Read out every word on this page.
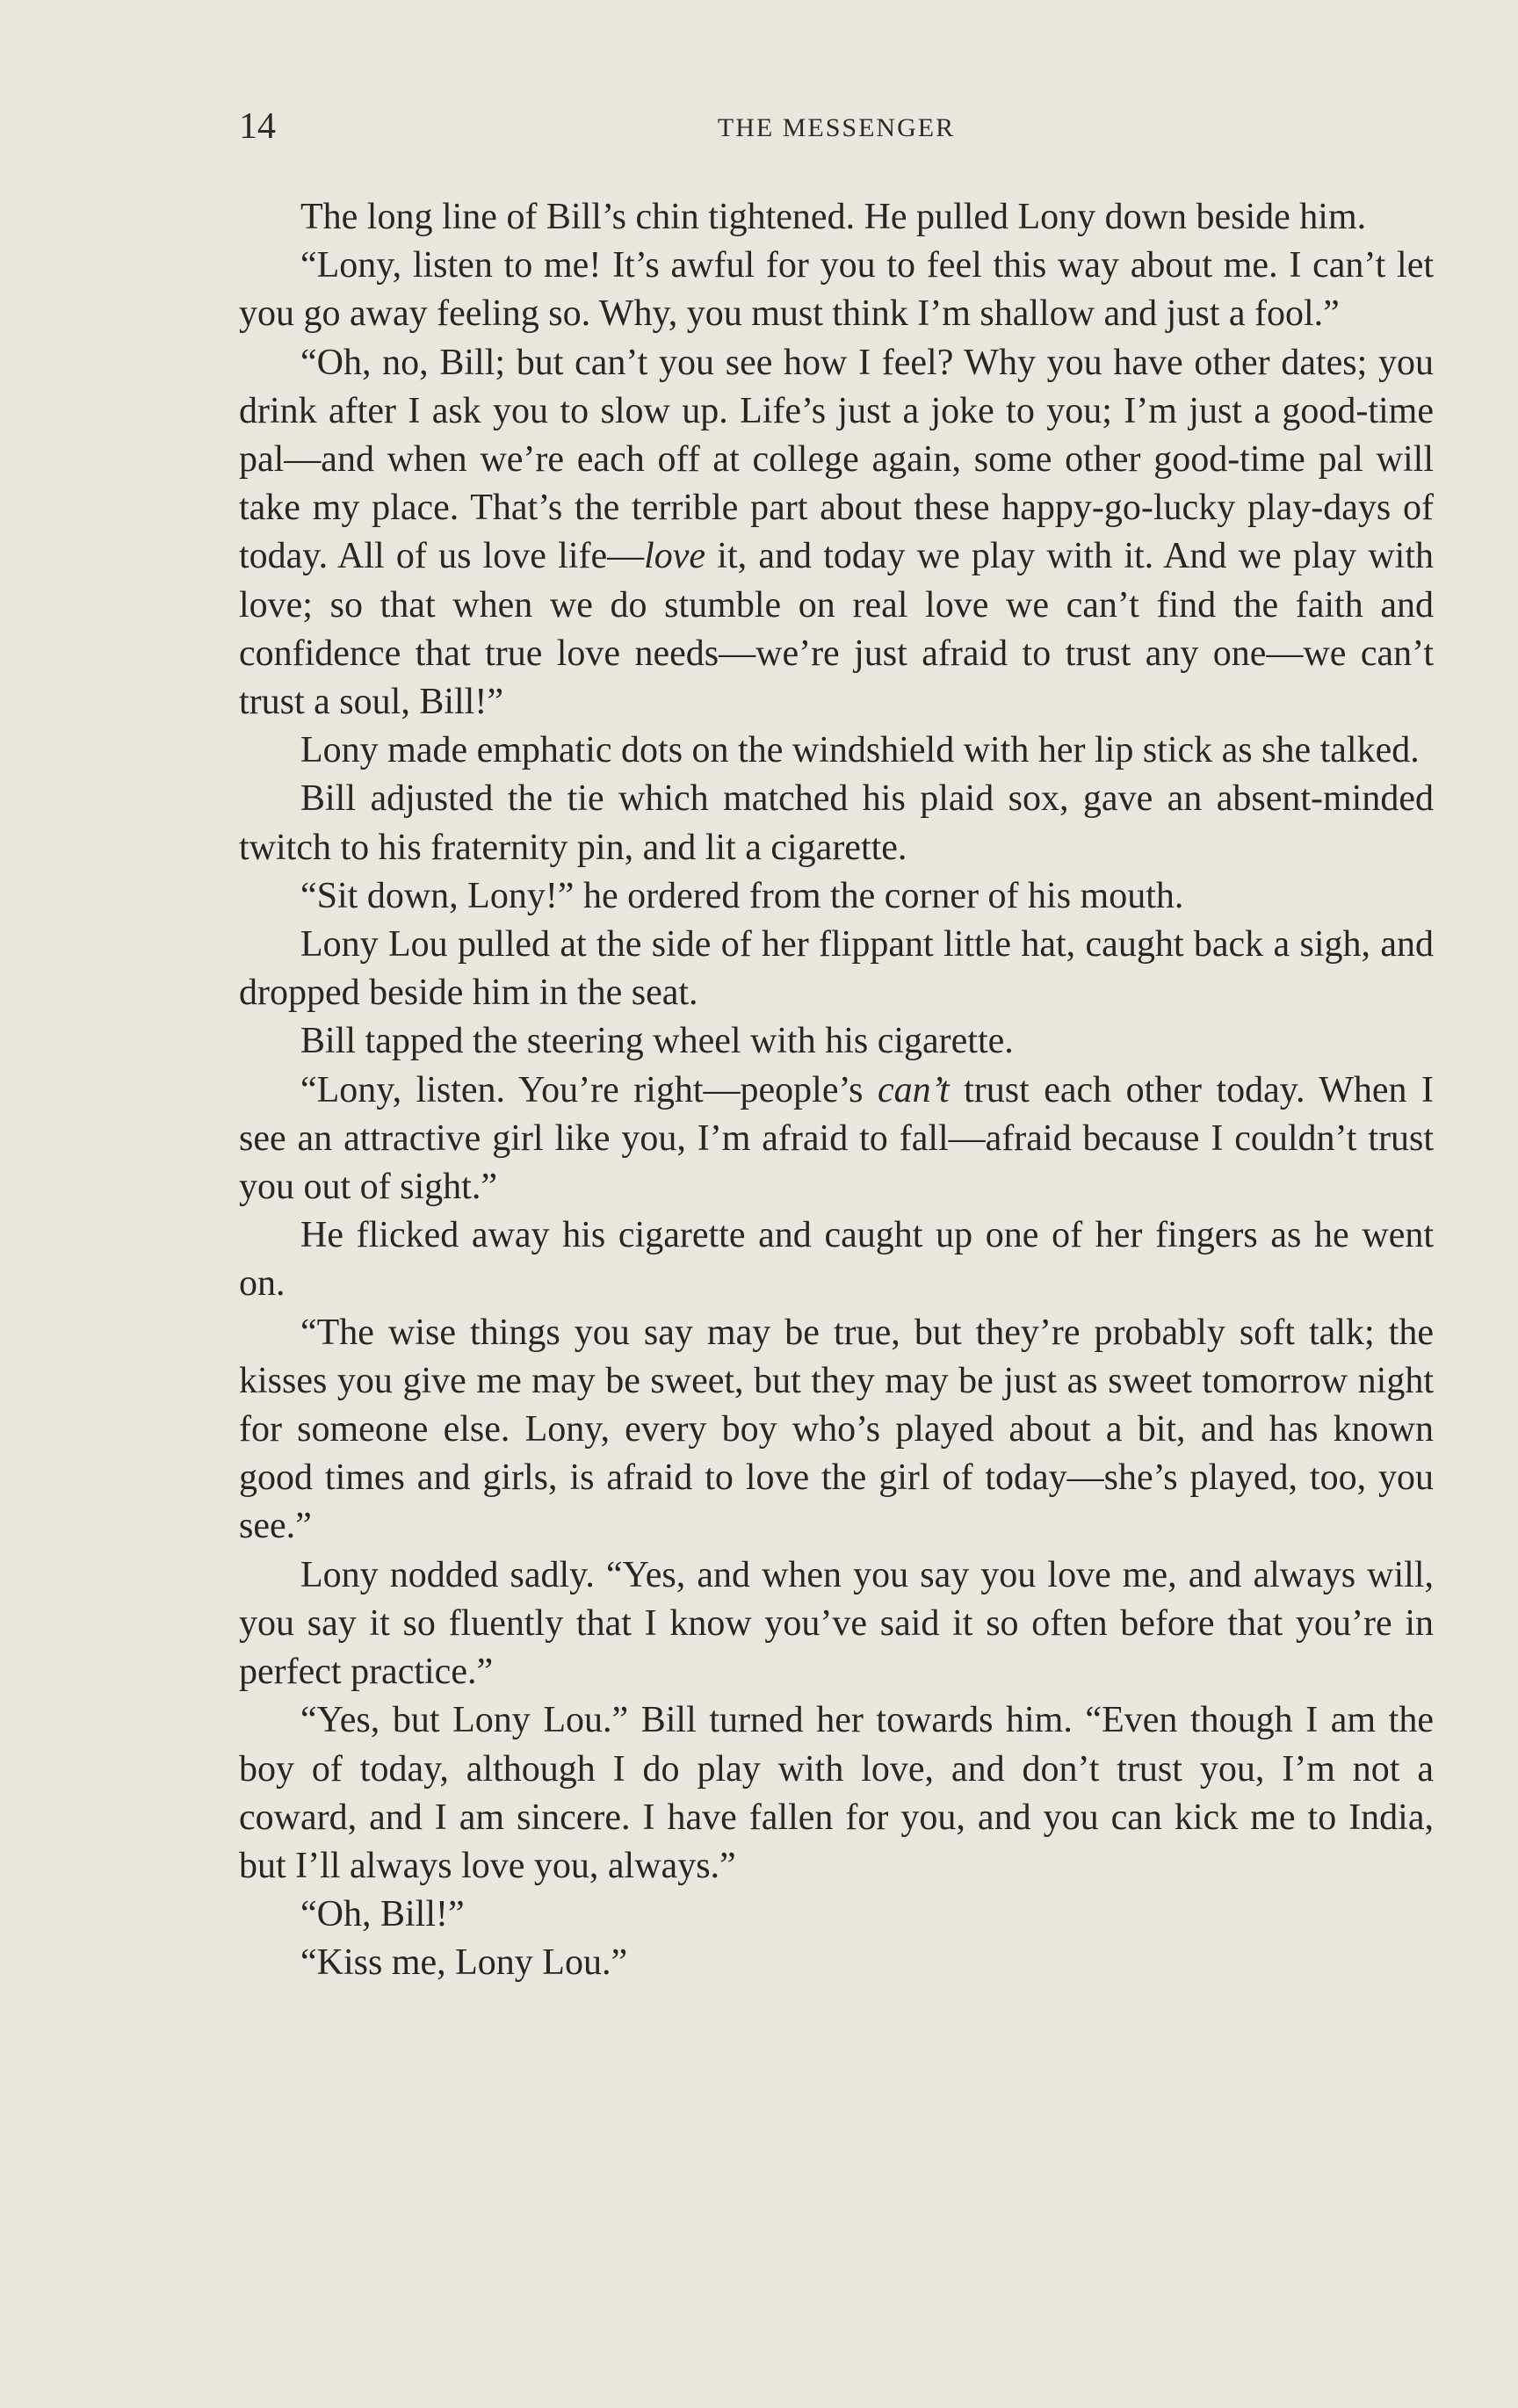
14	THE MESSENGER

The long line of Bill’s chin tightened. He pulled Lony down beside him.

“Lony, listen to me! It’s awful for you to feel this way about me. I can’t let you go away feeling so. Why, you must think I’m shallow and just a fool.”

“Oh, no, Bill; but can’t you see how I feel? Why you have other dates; you drink after I ask you to slow up. Life’s just a joke to you; I’m just a good-time pal—and when we’re each off at college again, some other good-time pal will take my place. That’s the terrible part about these happy-go-lucky play-days of today. All of us love life—love it, and today we play with it. And we play with love; so that when we do stumble on real love we can’t find the faith and confidence that true love needs—we’re just afraid to trust any one—we can’t trust a soul, Bill!”

Lony made emphatic dots on the windshield with her lip stick as she talked.

Bill adjusted the tie which matched his plaid sox, gave an absent-minded twitch to his fraternity pin, and lit a cigarette.

“Sit down, Lony!” he ordered from the corner of his mouth.

Lony Lou pulled at the side of her flippant little hat, caught back a sigh, and dropped beside him in the seat.

Bill tapped the steering wheel with his cigarette.

“Lony, listen. You’re right—people’s can’t trust each other today. When I see an attractive girl like you, I’m afraid to fall—afraid because I couldn’t trust you out of sight.”

He flicked away his cigarette and caught up one of her fingers as he went on.

“The wise things you say may be true, but they’re probably soft talk; the kisses you give me may be sweet, but they may be just as sweet tomorrow night for someone else. Lony, every boy who’s played about a bit, and has known good times and girls, is afraid to love the girl of today—she’s played, too, you see.”

Lony nodded sadly. “Yes, and when you say you love me, and always will, you say it so fluently that I know you’ve said it so often before that you’re in perfect practice.”

“Yes, but Lony Lou.” Bill turned her towards him. “Even though I am the boy of today, although I do play with love, and don’t trust you, I’m not a coward, and I am sincere. I have fallen for you, and you can kick me to India, but I’ll always love you, always.”

“Oh, Bill!”

“Kiss me, Lony Lou.”
